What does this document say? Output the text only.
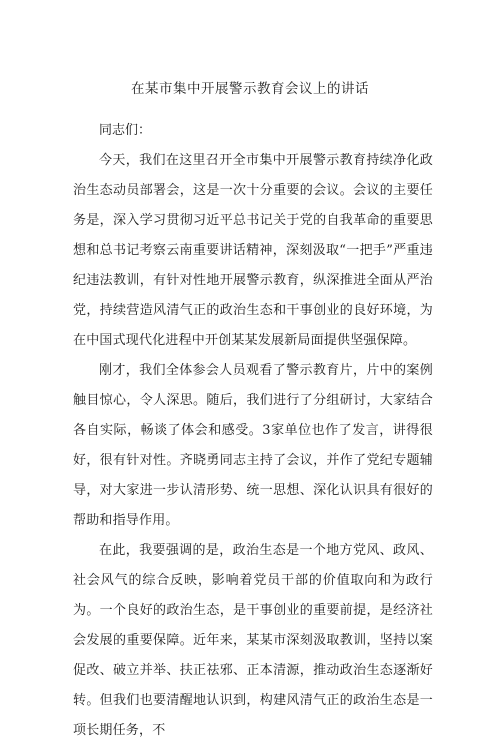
在某市集中开展警示教育会议上的讲话

同志们：

今天，我们在这里召开全市集中开展警示教育持续净化政治生态动员部署会，这是一次十分重要的会议。会议的主要任务是，深入学习贯彻习近平总书记关于党的自我革命的重要思想和总书记考察云南重要讲话精神，深刻汲取“一把手”严重违纪违法教训，有针对性地开展警示教育，纵深推进全面从严治党，持续营造风清气正的政治生态和干事创业的良好环境，为在中国式现代化进程中开创某某发展新局面提供坚强保障。

刚才，我们全体参会人员观看了警示教育片，片中的案例触目惊心，令人深思。随后，我们进行了分组研讨，大家结合各自实际，畅谈了体会和感受。3家单位也作了发言，讲得很好，很有针对性。齐晓勇同志主持了会议，并作了党纪专题辅导，对大家进一步认清形势、统一思想、深化认识具有很好的帮助和指导作用。

在此，我要强调的是，政治生态是一个地方党风、政风、社会风气的综合反映，影响着党员干部的价值取向和为政行为。一个良好的政治生态，是干事创业的重要前提，是经济社会发展的重要保障。近年来，某某市深刻汲取教训，坚持以案促改、破立并举、扶正祛邪、正本清源，推动政治生态逐渐好转。但我们也要清醒地认识到，构建风清气正的政治生态是一项长期任务，不
